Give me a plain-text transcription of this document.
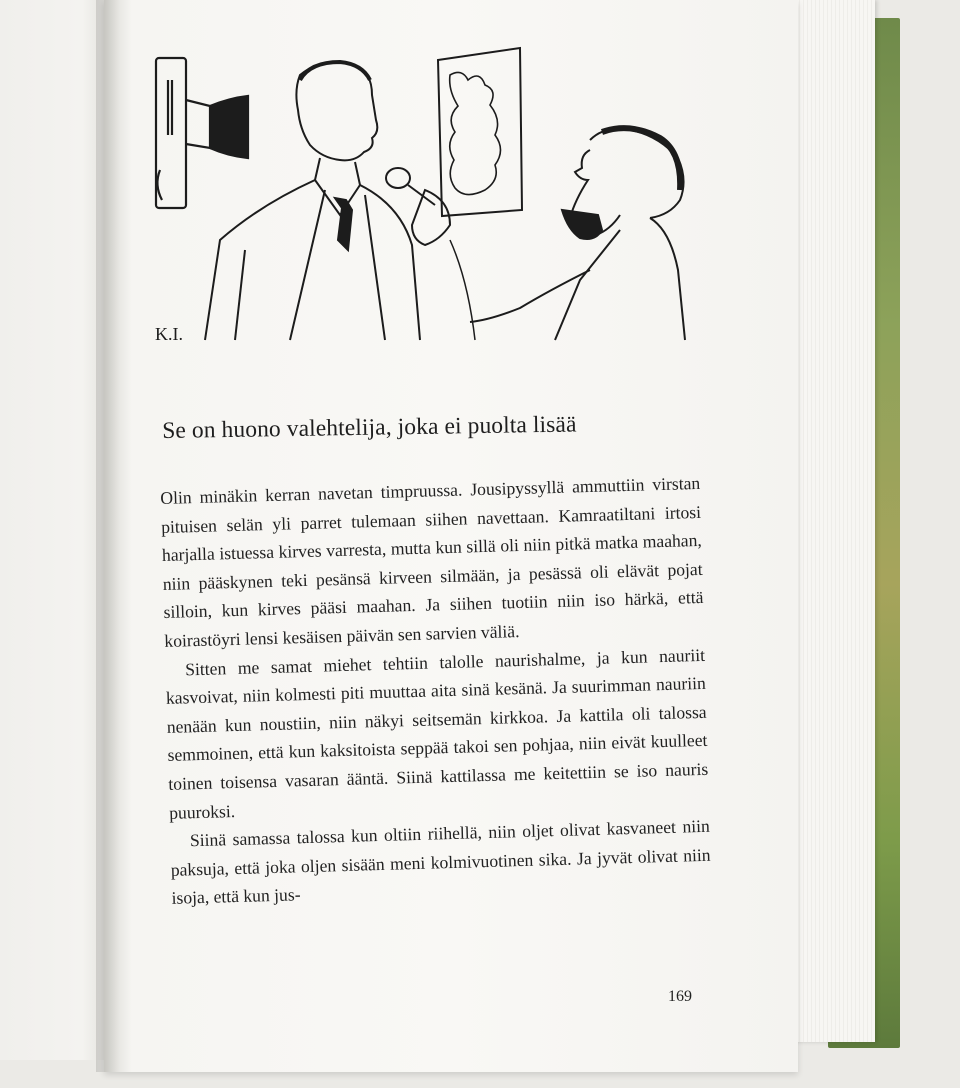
K.I.
Se on huono valehtelija, joka ei puolta lisää

Olin minäkin kerran navetan timpruussa. Jousipyssyllä ammuttiin virstan pituisen selän yli parret tulemaan siihen navettaan. Kamraatiltani irtosi harjalla istuessa kirves varresta, mutta kun sillä oli niin pitkä matka maahan, niin pääskynen teki pesänsä kirveen silmään, ja pesässä oli elävät pojat silloin, kun kirves pääsi maahan. Ja siihen tuotiin niin iso härkä, että koirastöyri lensi kesäisen päivän sen sarvien väliä.

Sitten me samat miehet tehtiin talolle naurishalme, ja kun nauriit kasvoivat, niin kolmesti piti muuttaa aita sinä kesänä. Ja suurimman nauriin nenään kun noustiin, niin näkyi seitsemän kirkkoa. Ja kattila oli talossa semmoinen, että kun kaksitoista seppää takoi sen pohjaa, niin eivät kuulleet toinen toisensa vasaran ääntä. Siinä kattilassa me keitettiin se iso nauris puuroksi.

Siinä samassa talossa kun oltiin riihellä, niin oljet olivat kasvaneet niin paksuja, että joka oljen sisään meni kolmivuotinen sika. Ja jyvät olivat niin isoja, että kun jus-

169
